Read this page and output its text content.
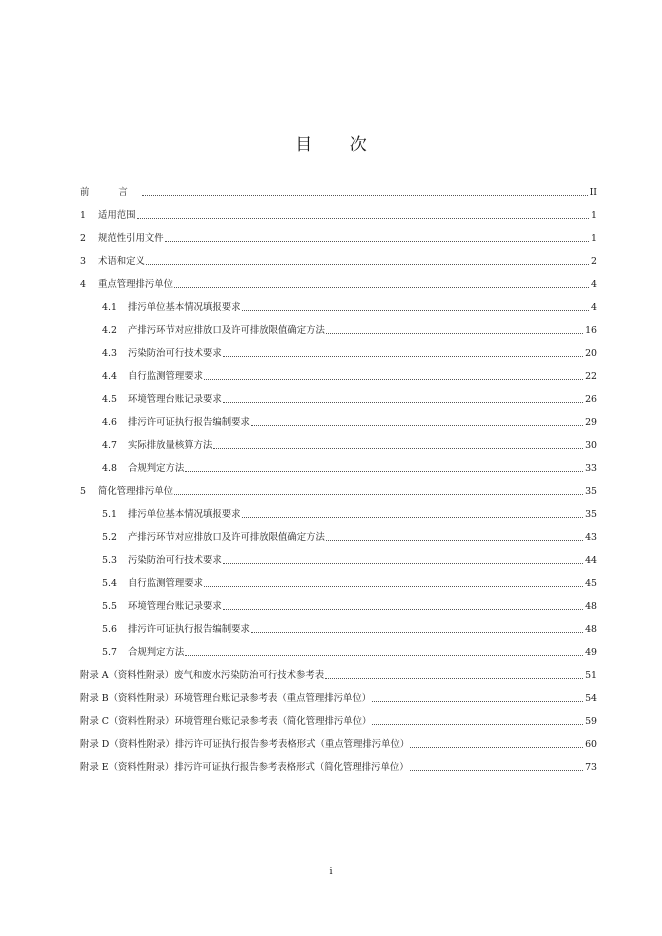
目 次
前 言	II
1	适用范围	1
2	规范性引用文件	1
3	术语和定义	2
4	重点管理排污单位	4
4.1	排污单位基本情况填报要求	4
4.2	产排污环节对应排放口及许可排放限值确定方法	16
4.3	污染防治可行技术要求	20
4.4	自行监测管理要求	22
4.5	环境管理台账记录要求	26
4.6	排污许可证执行报告编制要求	29
4.7	实际排放量核算方法	30
4.8	合规判定方法	33
5	简化管理排污单位	35
5.1	排污单位基本情况填报要求	35
5.2	产排污环节对应排放口及许可排放限值确定方法	43
5.3	污染防治可行技术要求	44
5.4	自行监测管理要求	45
5.5	环境管理台账记录要求	48
5.6	排污许可证执行报告编制要求	48
5.7	合规判定方法	49
附录 A（资料性附录）废气和废水污染防治可行技术参考表	51
附录 B（资料性附录）环境管理台账记录参考表（重点管理排污单位）	54
附录 C（资料性附录）环境管理台账记录参考表（简化管理排污单位）	59
附录 D（资料性附录）排污许可证执行报告参考表格形式（重点管理排污单位）	60
附录 E（资料性附录）排污许可证执行报告参考表格形式（简化管理排污单位）	73
i
